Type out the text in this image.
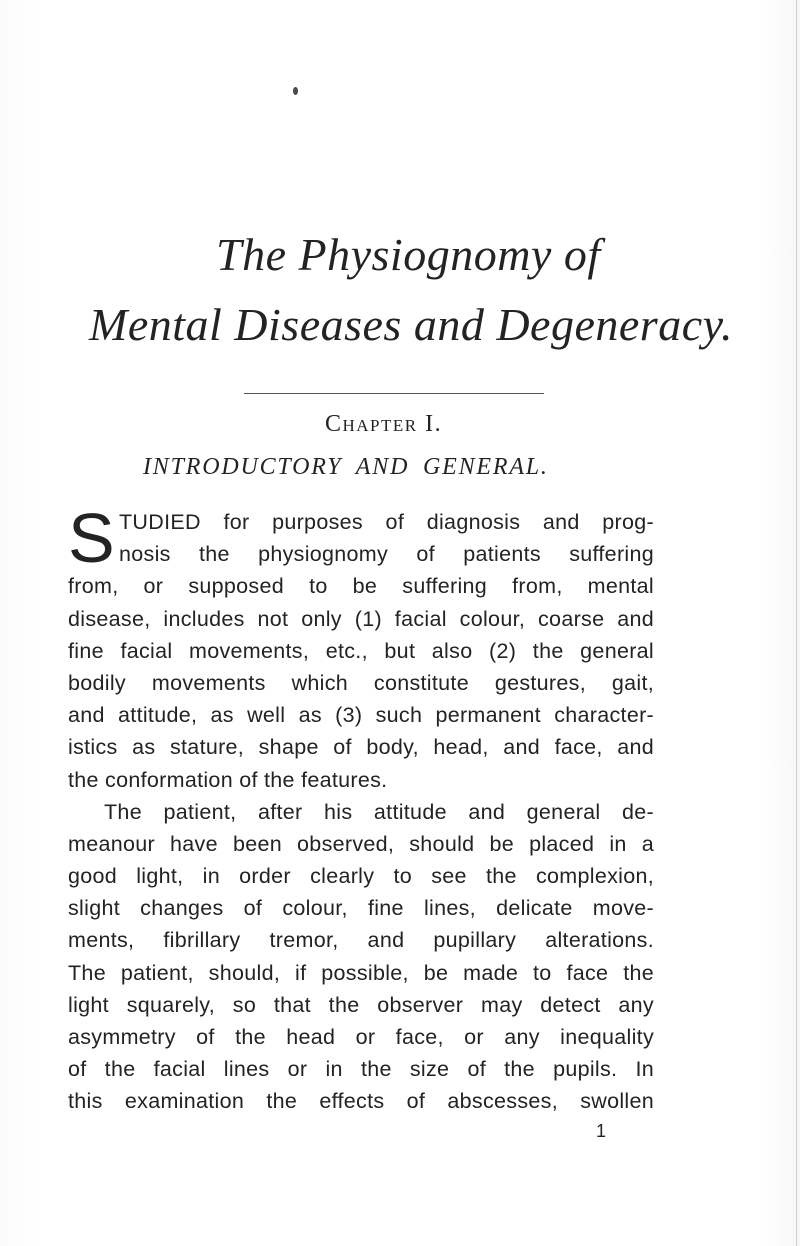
The Physiognomy of
Mental Diseases and Degeneracy.
Chapter I.
INTRODUCTORY AND GENERAL.
S TUDIED for purposes of diagnosis and prog-
nosis the physiognomy of patients suffering
from, or supposed to be suffering from, mental
disease, includes not only (1) facial colour, coarse and
fine facial movements, etc., but also (2) the general
bodily movements which constitute gestures, gait,
and attitude, as well as (3) such permanent character-
istics as stature, shape of body, head, and face, and
the conformation of the features.
The patient, after his attitude and general de-
meanour have been observed, should be placed in a
good light, in order clearly to see the complexion,
slight changes of colour, fine lines, delicate move-
ments, fibrillary tremor, and pupillary alterations.
The patient, should, if possible, be made to face the
light squarely, so that the observer may detect any
asymmetry of the head or face, or any inequality
of the facial lines or in the size of the pupils. In
this examination the effects of abscesses, swollen
1
